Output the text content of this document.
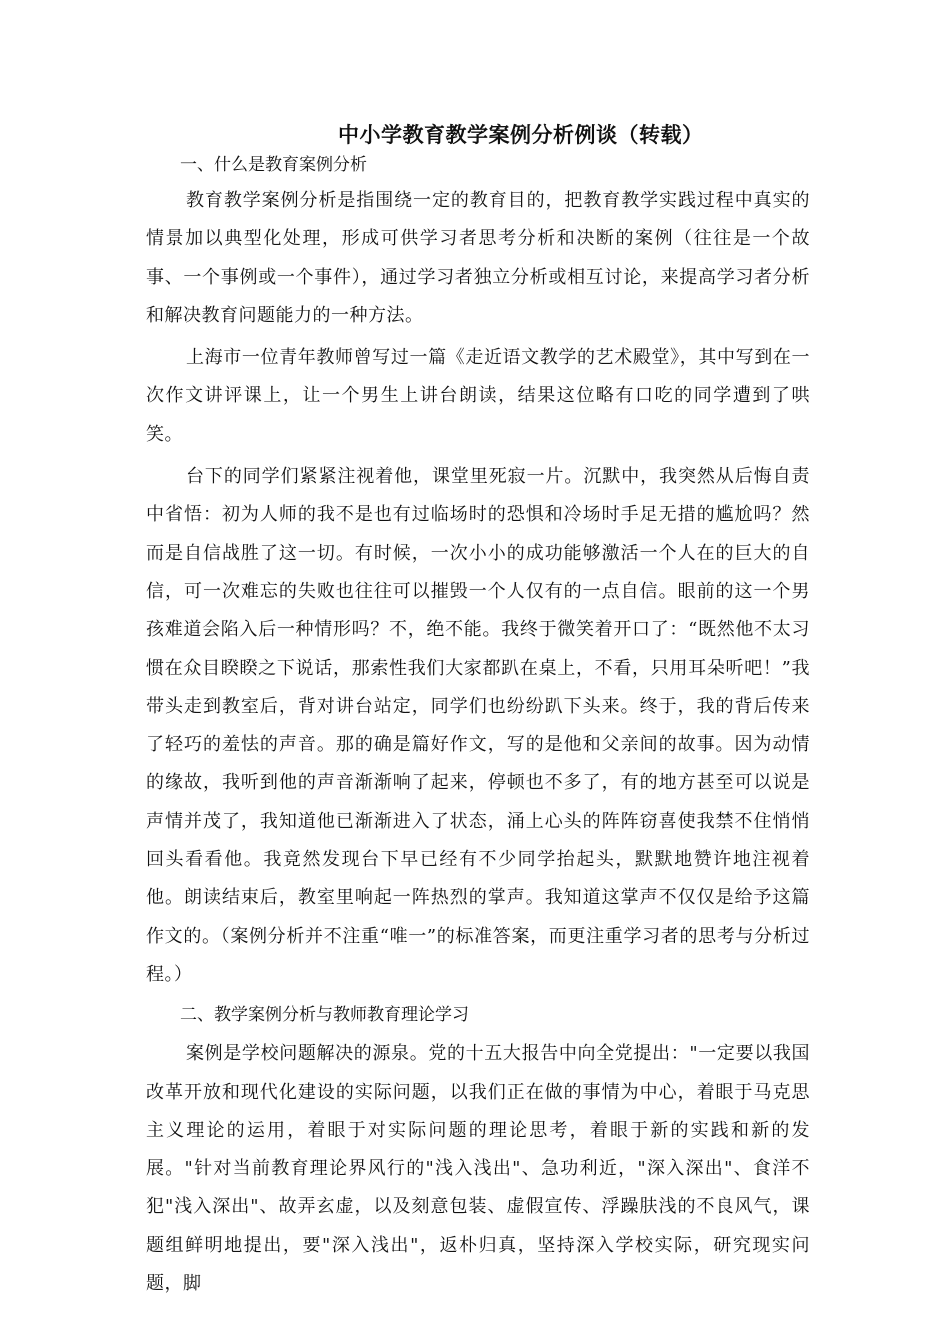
中小学教育教学案例分析例谈（转载）

一、什么是教育案例分析

教育教学案例分析是指围绕一定的教育目的，把教育教学实践过程中真实的情景加以典型化处理，形成可供学习者思考分析和决断的案例（往往是一个故事、一个事例或一个事件），通过学习者独立分析或相互讨论，来提高学习者分析和解决教育问题能力的一种方法。

上海市一位青年教师曾写过一篇《走近语文教学的艺术殿堂》，其中写到在一次作文讲评课上，让一个男生上讲台朗读，结果这位略有口吃的同学遭到了哄笑。

台下的同学们紧紧注视着他，课堂里死寂一片。沉默中，我突然从后悔自责中省悟：初为人师的我不是也有过临场时的恐惧和冷场时手足无措的尴尬吗？然而是自信战胜了这一切。有时候，一次小小的成功能够激活一个人在的巨大的自信，可一次难忘的失败也往往可以摧毁一个人仅有的一点自信。眼前的这一个男孩难道会陷入后一种情形吗？不，绝不能。我终于微笑着开口了：“既然他不太习惯在众目睽睽之下说话，那索性我们大家都趴在桌上，不看，只用耳朵听吧！”我带头走到教室后，背对讲台站定，同学们也纷纷趴下头来。终于，我的背后传来了轻巧的羞怯的声音。那的确是篇好作文，写的是他和父亲间的故事。因为动情的缘故，我听到他的声音渐渐响了起来，停顿也不多了，有的地方甚至可以说是声情并茂了，我知道他已渐渐进入了状态，涌上心头的阵阵窃喜使我禁不住悄悄回头看看他。我竟然发现台下早已经有不少同学抬起头，默默地赞许地注视着他。朗读结束后，教室里响起一阵热烈的掌声。我知道这掌声不仅仅是给予这篇作文的。（案例分析并不注重“唯一”的标准答案，而更注重学习者的思考与分析过程。）

二、教学案例分析与教师教育理论学习

案例是学校问题解决的源泉。党的十五大报告中向全党提出："一定要以我国改革开放和现代化建设的实际问题，以我们正在做的事情为中心，着眼于马克思主义理论的运用，着眼于对实际问题的理论思考，着眼于新的实践和新的发展。"针对当前教育理论界风行的"浅入浅出"、急功利近，"深入深出"、食洋不犯"浅入深出"、故弄玄虚，以及刻意包装、虚假宣传、浮躁肤浅的不良风气，课题组鲜明地提出，要"深入浅出"，返朴归真，坚持深入学校实际，研究现实问题，脚
